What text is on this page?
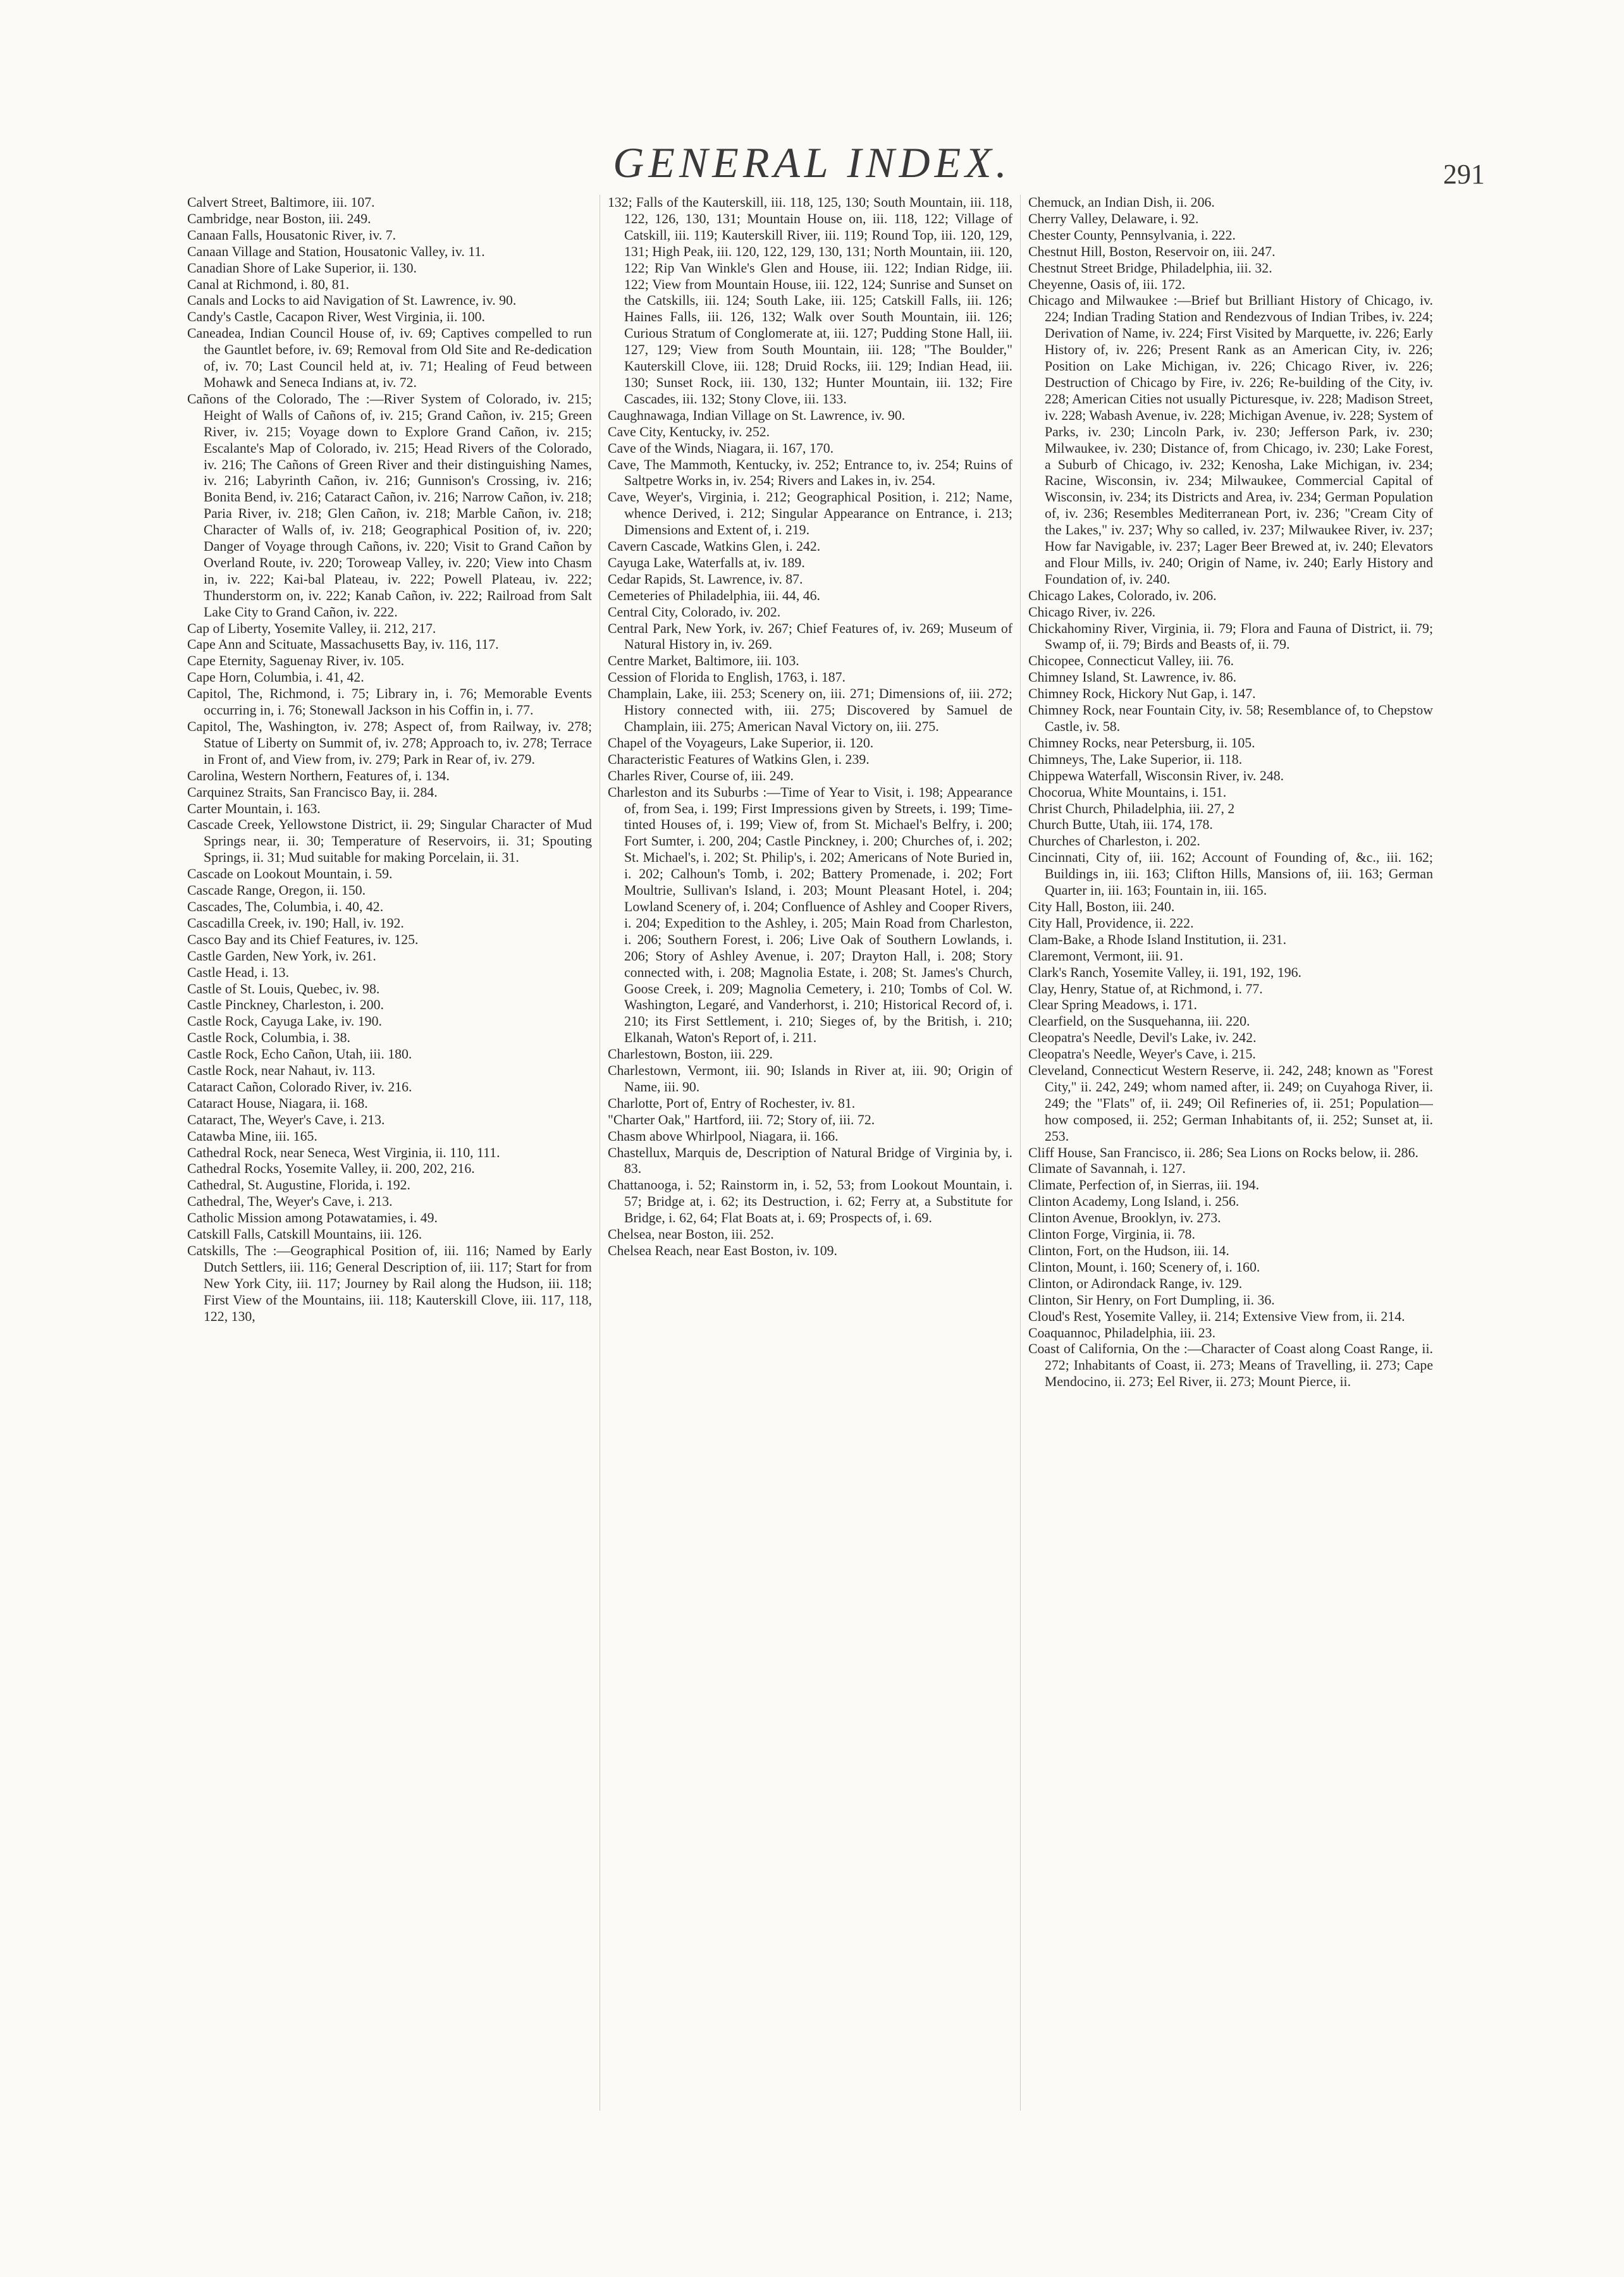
GENERAL INDEX.	291

Calvert Street, Baltimore, iii. 107.

Cambridge, near Boston, iii. 249.

Canaan Falls, Housatonic River, iv. 7.

Canaan Village and Station, Housatonic Valley, iv. 11.

Canadian Shore of Lake Superior, ii. 130.

Canal at Richmond, i. 80, 81.

Canals and Locks to aid Navigation of St. Lawrence, iv. 90.

Candy's Castle, Cacapon River, West Virginia, ii. 100.

Caneadea, Indian Council House of, iv. 69; Captives compelled to run the Gauntlet before, iv. 69; Removal from Old Site and Re-dedication of, iv. 70; Last Council held at, iv. 71; Healing of Feud between Mohawk and Seneca Indians at, iv. 72.

Cañons of the Colorado, The :—River System of Colorado, iv. 215; Height of Walls of Cañons of, iv. 215; Grand Cañon, iv. 215; Green River, iv. 215; Voyage down to Explore Grand Cañon, iv. 215; Escalante's Map of Colorado, iv. 215; Head Rivers of the Colorado, iv. 216; The Cañons of Green River and their distinguishing Names, iv. 216; Labyrinth Cañon, iv. 216; Gunnison's Crossing, iv. 216; Bonita Bend, iv. 216; Cataract Cañon, iv. 216; Narrow Cañon, iv. 218; Paria River, iv. 218; Glen Cañon, iv. 218; Marble Cañon, iv. 218; Character of Walls of, iv. 218; Geographical Position of, iv. 220; Danger of Voyage through Cañons, iv. 220; Visit to Grand Cañon by Overland Route, iv. 220; Toroweap Valley, iv. 220; View into Chasm in, iv. 222; Kai-bal Plateau, iv. 222; Powell Plateau, iv. 222; Thunderstorm on, iv. 222; Kanab Cañon, iv. 222; Railroad from Salt Lake City to Grand Cañon, iv. 222.

Cap of Liberty, Yosemite Valley, ii. 212, 217.

Cape Ann and Scituate, Massachusetts Bay, iv. 116, 117.

Cape Eternity, Saguenay River, iv. 105.

Cape Horn, Columbia, i. 41, 42.

Capitol, The, Richmond, i. 75; Library in, i. 76; Memorable Events occurring in, i. 76; Stonewall Jackson in his Coffin in, i. 77.

Capitol, The, Washington, iv. 278; Aspect of, from Railway, iv. 278; Statue of Liberty on Summit of, iv. 278; Approach to, iv. 278; Terrace in Front of, and View from, iv. 279; Park in Rear of, iv. 279.

Carolina, Western Northern, Features of, i. 134.

Carquinez Straits, San Francisco Bay, ii. 284.

Carter Mountain, i. 163.

Cascade Creek, Yellowstone District, ii. 29; Singular Character of Mud Springs near, ii. 30; Temperature of Reservoirs, ii. 31; Spouting Springs, ii. 31; Mud suitable for making Porcelain, ii. 31.

Cascade on Lookout Mountain, i. 59.

Cascade Range, Oregon, ii. 150.

Cascades, The, Columbia, i. 40, 42.

Cascadilla Creek, iv. 190; Hall, iv. 192.

Casco Bay and its Chief Features, iv. 125.

Castle Garden, New York, iv. 261.

Castle Head, i. 13.

Castle of St. Louis, Quebec, iv. 98.

Castle Pinckney, Charleston, i. 200.

Castle Rock, Cayuga Lake, iv. 190.

Castle Rock, Columbia, i. 38.

Castle Rock, Echo Cañon, Utah, iii. 180.

Castle Rock, near Nahaut, iv. 113.

Cataract Cañon, Colorado River, iv. 216.

Cataract House, Niagara, ii. 168.

Cataract, The, Weyer's Cave, i. 213.

Catawba Mine, iii. 165.

Cathedral Rock, near Seneca, West Virginia, ii. 110, 111.

Cathedral Rocks, Yosemite Valley, ii. 200, 202, 216.

Cathedral, St. Augustine, Florida, i. 192.

Cathedral, The, Weyer's Cave, i. 213.

Catholic Mission among Potawatamies, i. 49.

Catskill Falls, Catskill Mountains, iii. 126.

Catskills, The :—Geographical Position of, iii. 116; Named by Early Dutch Settlers, iii. 116; General Description of, iii. 117; Start for from New York City, iii. 117; Journey by Rail along the Hudson, iii. 118; First View of the Mountains, iii. 118; Kauterskill Clove, iii. 117, 118, 122, 130,

132; Falls of the Kauterskill, iii. 118, 125, 130; South Mountain, iii. 118, 122, 126, 130, 131; Mountain House on, iii. 118, 122; Village of Catskill, iii. 119; Kauterskill River, iii. 119; Round Top, iii. 120, 129, 131; High Peak, iii. 120, 122, 129, 130, 131; North Mountain, iii. 120, 122; Rip Van Winkle's Glen and House, iii. 122; Indian Ridge, iii. 122; View from Mountain House, iii. 122, 124; Sunrise and Sunset on the Catskills, iii. 124; South Lake, iii. 125; Catskill Falls, iii. 126; Haines Falls, iii. 126, 132; Walk over South Mountain, iii. 126; Curious Stratum of Conglomerate at, iii. 127; Pudding Stone Hall, iii. 127, 129; View from South Mountain, iii. 128; "The Boulder," Kauterskill Clove, iii. 128; Druid Rocks, iii. 129; Indian Head, iii. 130; Sunset Rock, iii. 130, 132; Hunter Mountain, iii. 132; Fire Cascades, iii. 132; Stony Clove, iii. 133.

Caughnawaga, Indian Village on St. Lawrence, iv. 90.

Cave City, Kentucky, iv. 252.

Cave of the Winds, Niagara, ii. 167, 170.

Cave, The Mammoth, Kentucky, iv. 252; Entrance to, iv. 254; Ruins of Saltpetre Works in, iv. 254; Rivers and Lakes in, iv. 254.

Cave, Weyer's, Virginia, i. 212; Geographical Position, i. 212; Name, whence Derived, i. 212; Singular Appearance on Entrance, i. 213; Dimensions and Extent of, i. 219.

Cavern Cascade, Watkins Glen, i. 242.

Cayuga Lake, Waterfalls at, iv. 189.

Cedar Rapids, St. Lawrence, iv. 87.

Cemeteries of Philadelphia, iii. 44, 46.

Central City, Colorado, iv. 202.

Central Park, New York, iv. 267; Chief Features of, iv. 269; Museum of Natural History in, iv. 269.

Centre Market, Baltimore, iii. 103.

Cession of Florida to English, 1763, i. 187.

Champlain, Lake, iii. 253; Scenery on, iii. 271; Dimensions of, iii. 272; History connected with, iii. 275; Discovered by Samuel de Champlain, iii. 275; American Naval Victory on, iii. 275.

Chapel of the Voyageurs, Lake Superior, ii. 120.

Characteristic Features of Watkins Glen, i. 239.

Charles River, Course of, iii. 249.

Charleston and its Suburbs :—Time of Year to Visit, i. 198; Appearance of, from Sea, i. 199; First Impressions given by Streets, i. 199; Time-tinted Houses of, i. 199; View of, from St. Michael's Belfry, i. 200; Fort Sumter, i. 200, 204; Castle Pinckney, i. 200; Churches of, i. 202; St. Michael's, i. 202; St. Philip's, i. 202; Americans of Note Buried in, i. 202; Calhoun's Tomb, i. 202; Battery Promenade, i. 202; Fort Moultrie, Sullivan's Island, i. 203; Mount Pleasant Hotel, i. 204; Lowland Scenery of, i. 204; Confluence of Ashley and Cooper Rivers, i. 204; Expedition to the Ashley, i. 205; Main Road from Charleston, i. 206; Southern Forest, i. 206; Live Oak of Southern Lowlands, i. 206; Story of Ashley Avenue, i. 207; Drayton Hall, i. 208; Story connected with, i. 208; Magnolia Estate, i. 208; St. James's Church, Goose Creek, i. 209; Magnolia Cemetery, i. 210; Tombs of Col. W. Washington, Legaré, and Vanderhorst, i. 210; Historical Record of, i. 210; its First Settlement, i. 210; Sieges of, by the British, i. 210; Elkanah, Waton's Report of, i. 211.

Charlestown, Boston, iii. 229.

Charlestown, Vermont, iii. 90; Islands in River at, iii. 90; Origin of Name, iii. 90.

Charlotte, Port of, Entry of Rochester, iv. 81.

"Charter Oak," Hartford, iii. 72; Story of, iii. 72.

Chasm above Whirlpool, Niagara, ii. 166.

Chastellux, Marquis de, Description of Natural Bridge of Virginia by, i. 83.

Chattanooga, i. 52; Rainstorm in, i. 52, 53; from Lookout Mountain, i. 57; Bridge at, i. 62; its Destruction, i. 62; Ferry at, a Substitute for Bridge, i. 62, 64; Flat Boats at, i. 69; Prospects of, i. 69.

Chelsea, near Boston, iii. 252.

Chelsea Reach, near East Boston, iv. 109.

Chemuck, an Indian Dish, ii. 206.

Cherry Valley, Delaware, i. 92.

Chester County, Pennsylvania, i. 222.

Chestnut Hill, Boston, Reservoir on, iii. 247.

Chestnut Street Bridge, Philadelphia, iii. 32.

Cheyenne, Oasis of, iii. 172.

Chicago and Milwaukee :—Brief but Brilliant History of Chicago, iv. 224; Indian Trading Station and Rendezvous of Indian Tribes, iv. 224; Derivation of Name, iv. 224; First Visited by Marquette, iv. 226; Early History of, iv. 226; Present Rank as an American City, iv. 226; Position on Lake Michigan, iv. 226; Chicago River, iv. 226; Destruction of Chicago by Fire, iv. 226; Re-building of the City, iv. 228; American Cities not usually Picturesque, iv. 228; Madison Street, iv. 228; Wabash Avenue, iv. 228; Michigan Avenue, iv. 228; System of Parks, iv. 230; Lincoln Park, iv. 230; Jefferson Park, iv. 230; Milwaukee, iv. 230; Distance of, from Chicago, iv. 230; Lake Forest, a Suburb of Chicago, iv. 232; Kenosha, Lake Michigan, iv. 234; Racine, Wisconsin, iv. 234; Milwaukee, Commercial Capital of Wisconsin, iv. 234; its Districts and Area, iv. 234; German Population of, iv. 236; Resembles Mediterranean Port, iv. 236; "Cream City of the Lakes," iv. 237; Why so called, iv. 237; Milwaukee River, iv. 237; How far Navigable, iv. 237; Lager Beer Brewed at, iv. 240; Elevators and Flour Mills, iv. 240; Origin of Name, iv. 240; Early History and Foundation of, iv. 240.

Chicago Lakes, Colorado, iv. 206.

Chicago River, iv. 226.

Chickahominy River, Virginia, ii. 79; Flora and Fauna of District, ii. 79; Swamp of, ii. 79; Birds and Beasts of, ii. 79.

Chicopee, Connecticut Valley, iii. 76.

Chimney Island, St. Lawrence, iv. 86.

Chimney Rock, Hickory Nut Gap, i. 147.

Chimney Rock, near Fountain City, iv. 58; Resemblance of, to Chepstow Castle, iv. 58.

Chimney Rocks, near Petersburg, ii. 105.

Chimneys, The, Lake Superior, ii. 118.

Chippewa Waterfall, Wisconsin River, iv. 248.

Chocorua, White Mountains, i. 151.

Christ Church, Philadelphia, iii. 27, 2

Church Butte, Utah, iii. 174, 178.

Churches of Charleston, i. 202.

Cincinnati, City of, iii. 162; Account of Founding of, &c., iii. 162; Buildings in, iii. 163; Clifton Hills, Mansions of, iii. 163; German Quarter in, iii. 163; Fountain in, iii. 165.

City Hall, Boston, iii. 240.

City Hall, Providence, ii. 222.

Clam-Bake, a Rhode Island Institution, ii. 231.

Claremont, Vermont, iii. 91.

Clark's Ranch, Yosemite Valley, ii. 191, 192, 196.

Clay, Henry, Statue of, at Richmond, i. 77.

Clear Spring Meadows, i. 171.

Clearfield, on the Susquehanna, iii. 220.

Cleopatra's Needle, Devil's Lake, iv. 242.

Cleopatra's Needle, Weyer's Cave, i. 215.

Cleveland, Connecticut Western Reserve, ii. 242, 248; known as "Forest City," ii. 242, 249; whom named after, ii. 249; on Cuyahoga River, ii. 249; the "Flats" of, ii. 249; Oil Refineries of, ii. 251; Population—how composed, ii. 252; German Inhabitants of, ii. 252; Sunset at, ii. 253.

Cliff House, San Francisco, ii. 286; Sea Lions on Rocks below, ii. 286.

Climate of Savannah, i. 127.

Climate, Perfection of, in Sierras, iii. 194.

Clinton Academy, Long Island, i. 256.

Clinton Avenue, Brooklyn, iv. 273.

Clinton Forge, Virginia, ii. 78.

Clinton, Fort, on the Hudson, iii. 14.

Clinton, Mount, i. 160; Scenery of, i. 160.

Clinton, or Adirondack Range, iv. 129.

Clinton, Sir Henry, on Fort Dumpling, ii. 36.

Cloud's Rest, Yosemite Valley, ii. 214; Extensive View from, ii. 214.

Coaquannoc, Philadelphia, iii. 23.

Coast of California, On the :—Character of Coast along Coast Range, ii. 272; Inhabitants of Coast, ii. 273; Means of Travelling, ii. 273; Cape Mendocino, ii. 273; Eel River, ii. 273; Mount Pierce, ii.
